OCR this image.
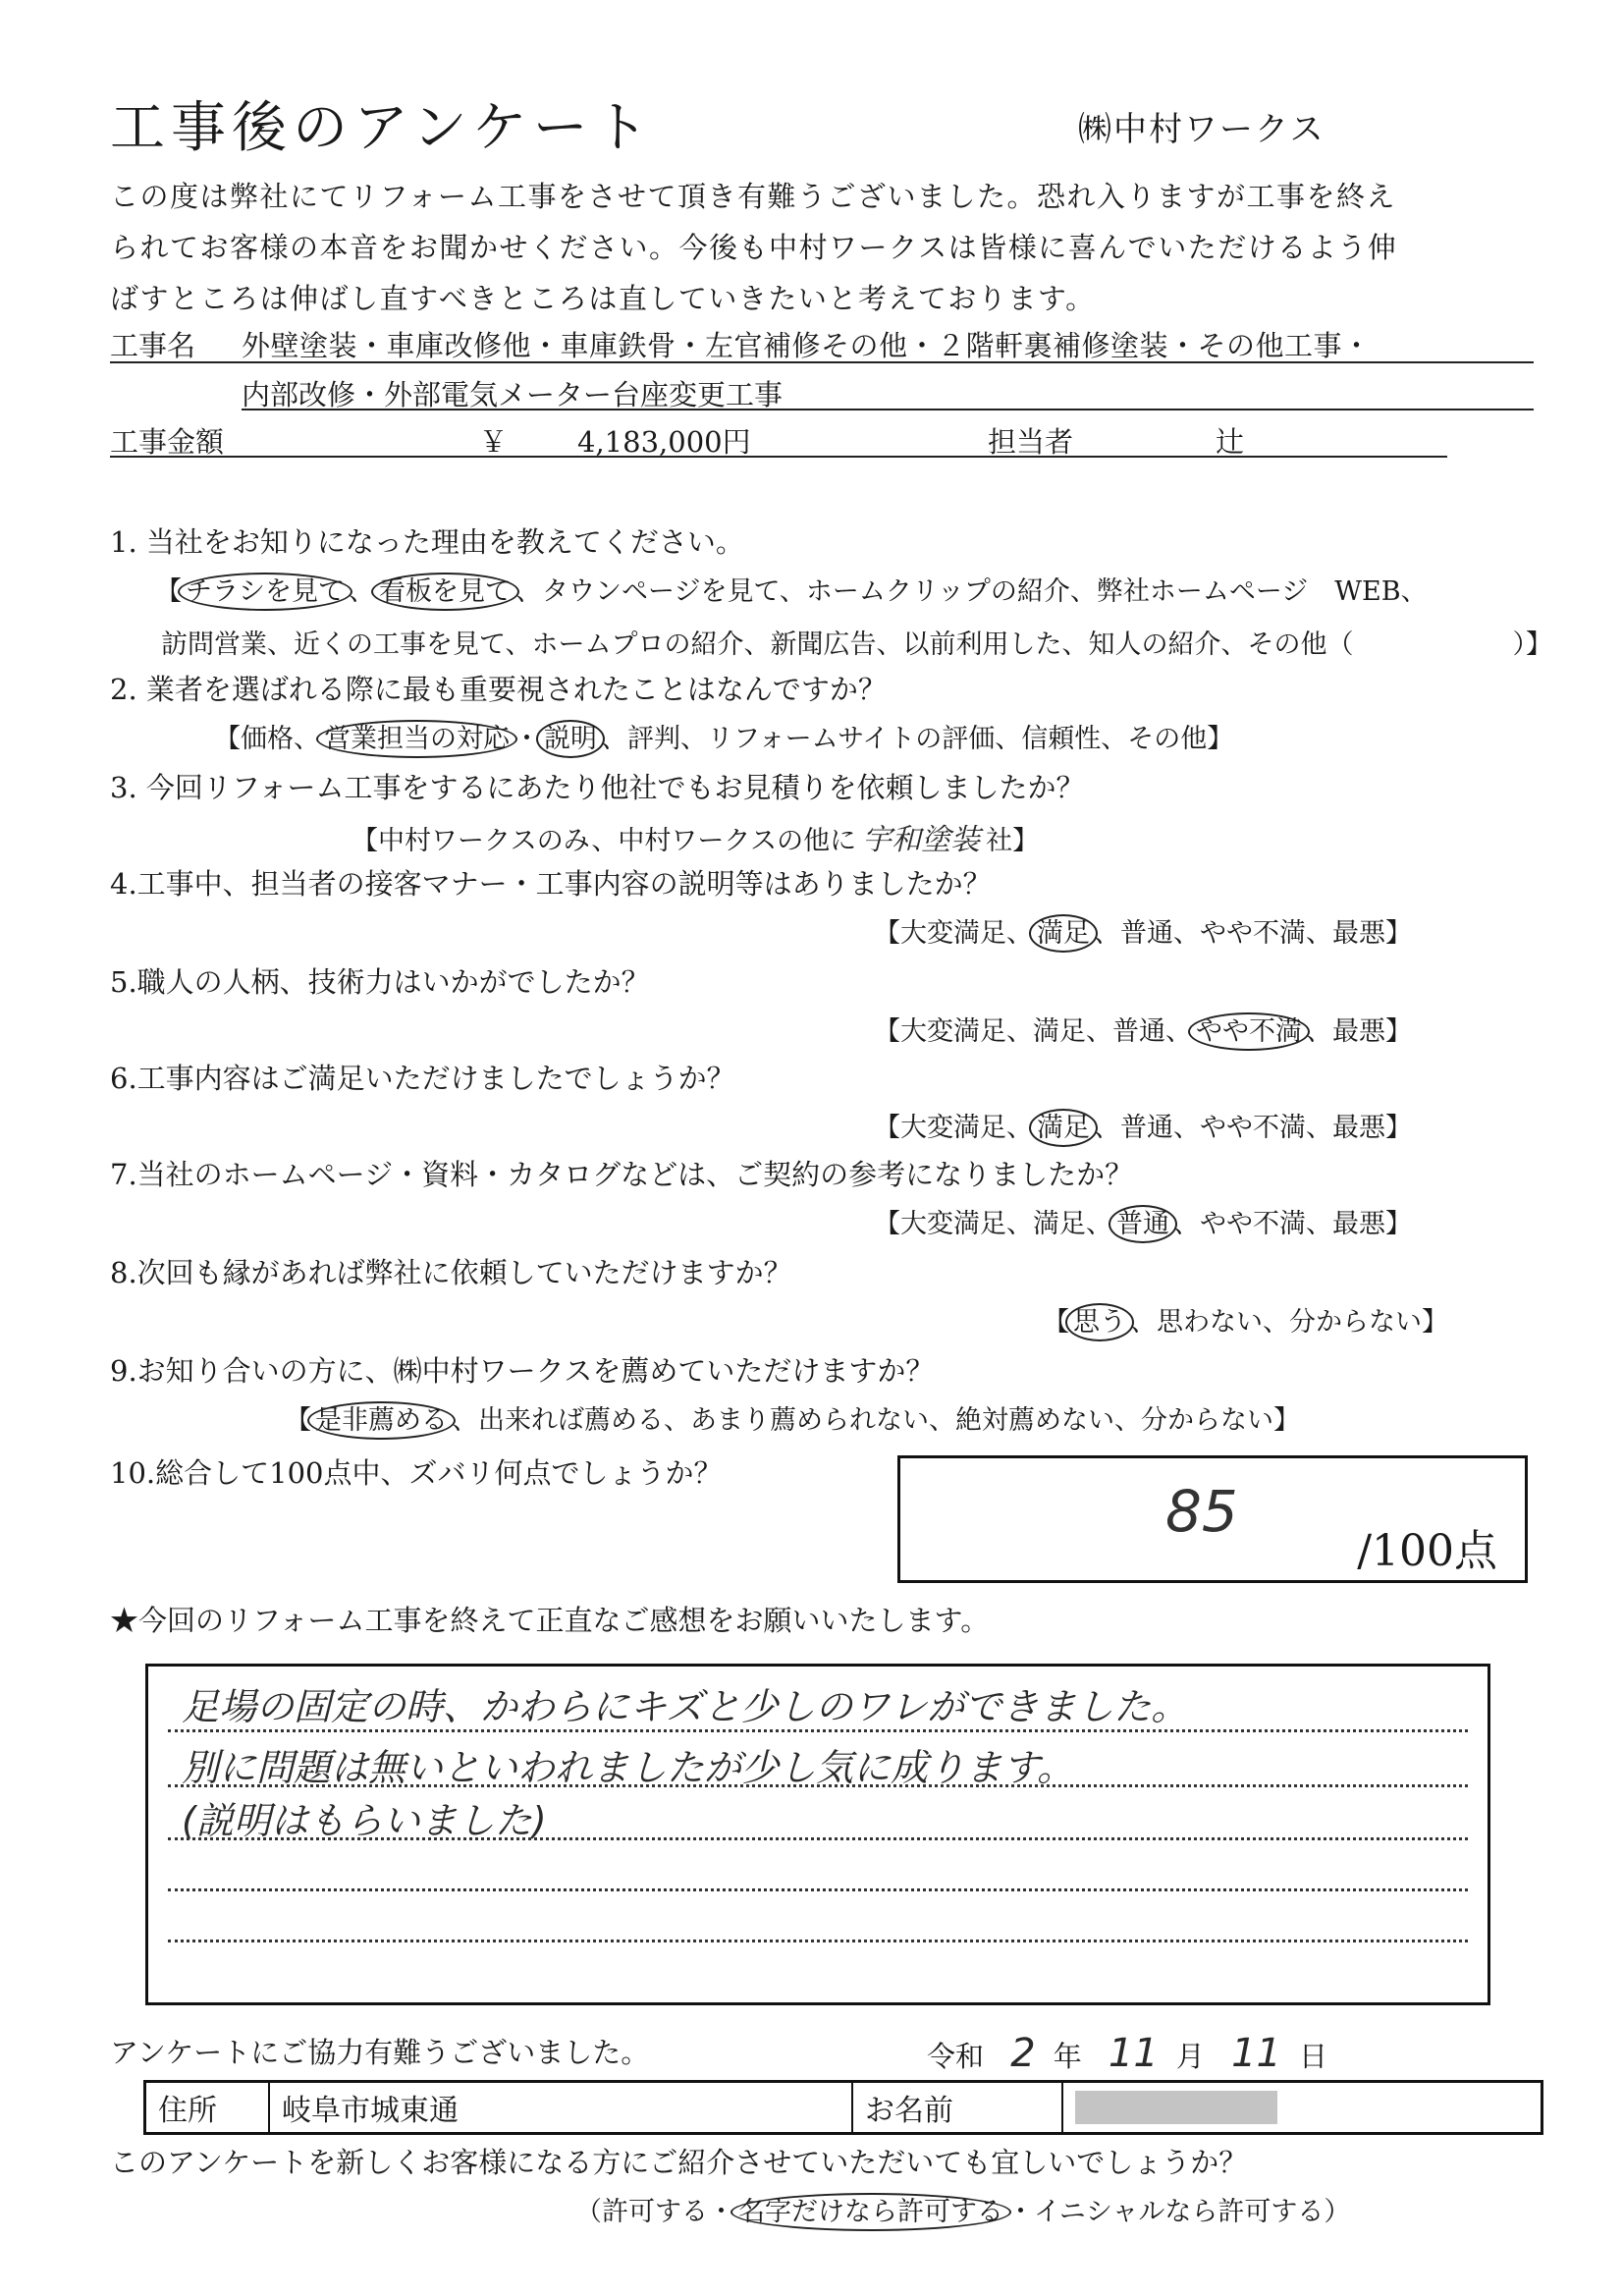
工事後のアンケート	㈱中村ワークス
この度は弊社にてリフォーム工事をさせて頂き有難うございました。恐れ入りますが工事を終え
られてお客様の本音をお聞かせください。今後も中村ワークスは皆様に喜んでいただけるよう伸
ばすところは伸ばし直すべきところは直していきたいと考えております。
工事名 外壁塗装・車庫改修他・車庫鉄骨・左官補修その他・２階軒裏補修塗装・その他工事・
内部改修・外部電気メーター台座変更工事
工事金額	￥ 4,183,000円	担当者	辻
1. 当社をお知りになった理由を教えてください。
【 チラシを見て 、 看板を見て 、タウンページを見て、ホームクリップの紹介、弊社ホームページ　WEB、
訪問営業、近くの工事を見て、ホームプロの紹介、新聞広告、以前利用した、知人の紹介、その他（　　　　　　）】
2. 業者を選ばれる際に最も重要視されたことはなんですか？
【価格、 営業担当の対応 ・ 説明 、評判、リフォームサイトの評価、信頼性、その他】
3. 今回リフォーム工事をするにあたり他社でもお見積りを依頼しましたか？
【中村ワークスのみ、中村ワークスの他に 宇和塗装 社】
4.工事中、担当者の接客マナー・工事内容の説明等はありましたか？
【大変満足、 満足 、普通、やや不満、最悪】
5.職人の人柄、技術力はいかがでしたか？
【大変満足、満足、普通、 やや不満 、最悪】
6.工事内容はご満足いただけましたでしょうか？
【大変満足、 満足 、普通、やや不満、最悪】
7.当社のホームページ・資料・カタログなどは、ご契約の参考になりましたか？
【大変満足、満足、 普通 、やや不満、最悪】
8.次回も縁があれば弊社に依頼していただけますか？
【 思う 、思わない、分からない】
9.お知り合いの方に、㈱中村ワークスを薦めていただけますか？
【 是非薦める 、出来れば薦める、あまり薦められない、絶対薦めない、分からない】
10.総合して100点中、ズバリ何点でしょうか？
85
/100点
★今回のリフォーム工事を終えて正直なご感想をお願いいたします。
足場の固定の時、かわらにキズと少しのワレができました。
別に問題は無いといわれましたが少し気に成ります。
(説明はもらいました)
アンケートにご協力有難うございました。	令和 2 年 11 月 11 日
住所	岐阜市城東通	お名前
このアンケートを新しくお客様になる方にご紹介させていただいても宜しいでしょうか？
（許可する・ 名字だけなら許可する ・イニシャルなら許可する）
